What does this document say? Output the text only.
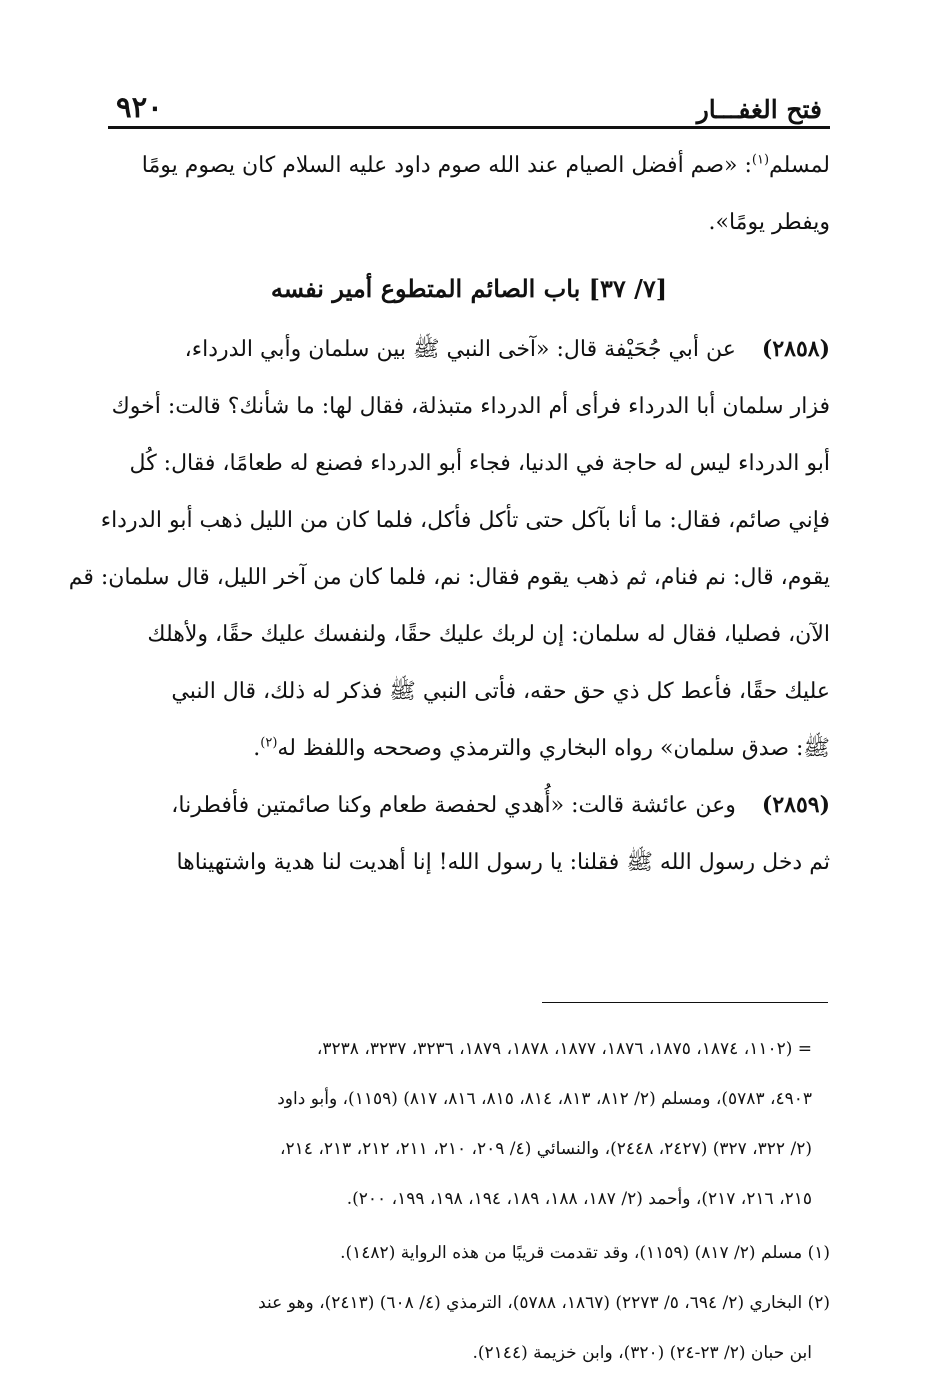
فتح الغفـــار
٩٢٠

لمسلم$^{(١)}$: «صم أفضل الصيام عند الله صوم داود عليه السلام كان يصوم يومًا

ويفطر يومًا».

[٧/ ٣٧] باب الصائم المتطوع أمير نفسه

(٢٨٥٨)عن أبي جُحَيْفة قال: «آخى النبي ﷺ بين سلمان وأبي الدرداء،

فزار سلمان أبا الدرداء فرأى أم الدرداء متبذلة، فقال لها: ما شأنك؟ قالت: أخوك

أبو الدرداء ليس له حاجة في الدنيا، فجاء أبو الدرداء فصنع له طعامًا، فقال: كُل

فإني صائم، فقال: ما أنا بآكل حتى تأكل فأكل، فلما كان من الليل ذهب أبو الدرداء

يقوم، قال: نم فنام، ثم ذهب يقوم فقال: نم، فلما كان من آخر الليل، قال سلمان: قم

الآن، فصليا، فقال له سلمان: إن لربك عليك حقًا، ولنفسك عليك حقًا، ولأهلك

عليك حقًا، فأعط كل ذي حق حقه، فأتى النبي ﷺ فذكر له ذلك، قال النبي

ﷺ: صدق سلمان» رواه البخاري والترمذي وصححه واللفظ له$^{(٢)}$.

(٢٨٥٩)وعن عائشة قالت: «أُهدي لحفصة طعام وكنا صائمتين فأفطرنا،

ثم دخل رسول الله ﷺ فقلنا: يا رسول الله! إنا أهديت لنا هدية واشتهيناها

= (١١٠٢، ١٨٧٤، ١٨٧٥، ١٨٧٦، ١٨٧٧، ١٨٧٨، ١٨٧٩، ٣٢٣٦، ٣٢٣٧، ٣٢٣٨،

٤٩٠٣، ٥٧٨٣)، ومسلم (٢/ ٨١٢، ٨١٣، ٨١٤، ٨١٥، ٨١٦، ٨١٧) (١١٥٩)، وأبو داود

(٢/ ٣٢٢، ٣٢٧) (٢٤٢٧، ٢٤٤٨)، والنسائي (٤/ ٢٠٩، ٢١٠، ٢١١، ٢١٢، ٢١٣، ٢١٤،

٢١٥، ٢١٦، ٢١٧)، وأحمد (٢/ ١٨٧، ١٨٨، ١٨٩، ١٩٤، ١٩٨، ١٩٩، ٢٠٠).

(١) مسلم (٢/ ٨١٧) (١١٥٩)، وقد تقدمت قريبًا من هذه الرواية (١٤٨٢).

(٢) البخاري (٢/ ٦٩٤، ٥/ ٢٢٧٣) (١٨٦٧، ٥٧٨٨)، الترمذي (٤/ ٦٠٨) (٢٤١٣)، وهو عند

ابن حبان (٢/ ٢٣-٢٤) (٣٢٠)، وابن خزيمة (٢١٤٤).
